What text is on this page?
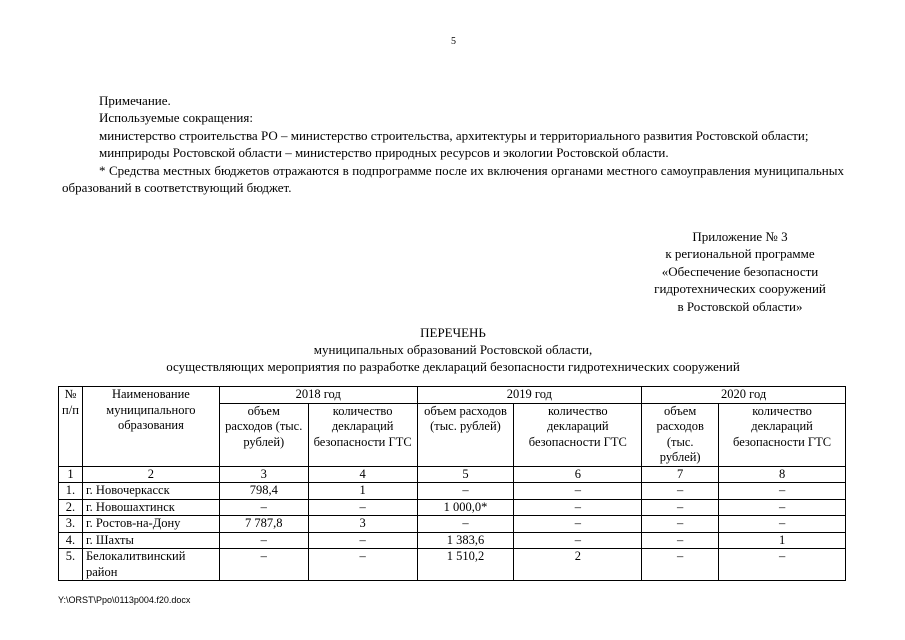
5

Примечание.

Используемые сокращения:

министерство строительства РО – министерство строительства, архитектуры и территориального развития Ростовской области;

минприроды Ростовской области – министерство природных ресурсов и экологии Ростовской области.

* Средства местных бюджетов отражаются в подпрограмме после их включения органами местного самоуправления муниципальных образований в соответствующий бюджет.

Приложение № 3
к региональной программе
«Обеспечение безопасности
гидротехнических сооружений
в Ростовской области»
ПЕРЕЧЕНЬ
муниципальных образований Ростовской области,
осуществляющих мероприятия по разработке деклараций безопасности гидротехнических сооружений
№ п/п	Наименование муниципального образования	2018 год		2019 год		2020 год	
		объем расходов (тыс. рублей)	количество деклараций безопасности ГТС	объем расходов (тыс. рублей)	количество деклараций безопасности ГТС	объем расходов (тыс. рублей)	количество деклараций безопасности ГТС
1	2	3	4	5	6	7	8
1.	г. Новочеркасск	798,4	1	–	–	–	–
2.	г. Новошахтинск	–	–	1 000,0*	–	–	–
3.	г. Ростов-на-Дону	7 787,8	3	–	–	–	–
4.	г. Шахты	–	–	1 383,6	–	–	1
5.	Белокалитвинский район	–	–	1 510,2	2	–	–
Y:\ORST\Ppo\0113p004.f20.docx
